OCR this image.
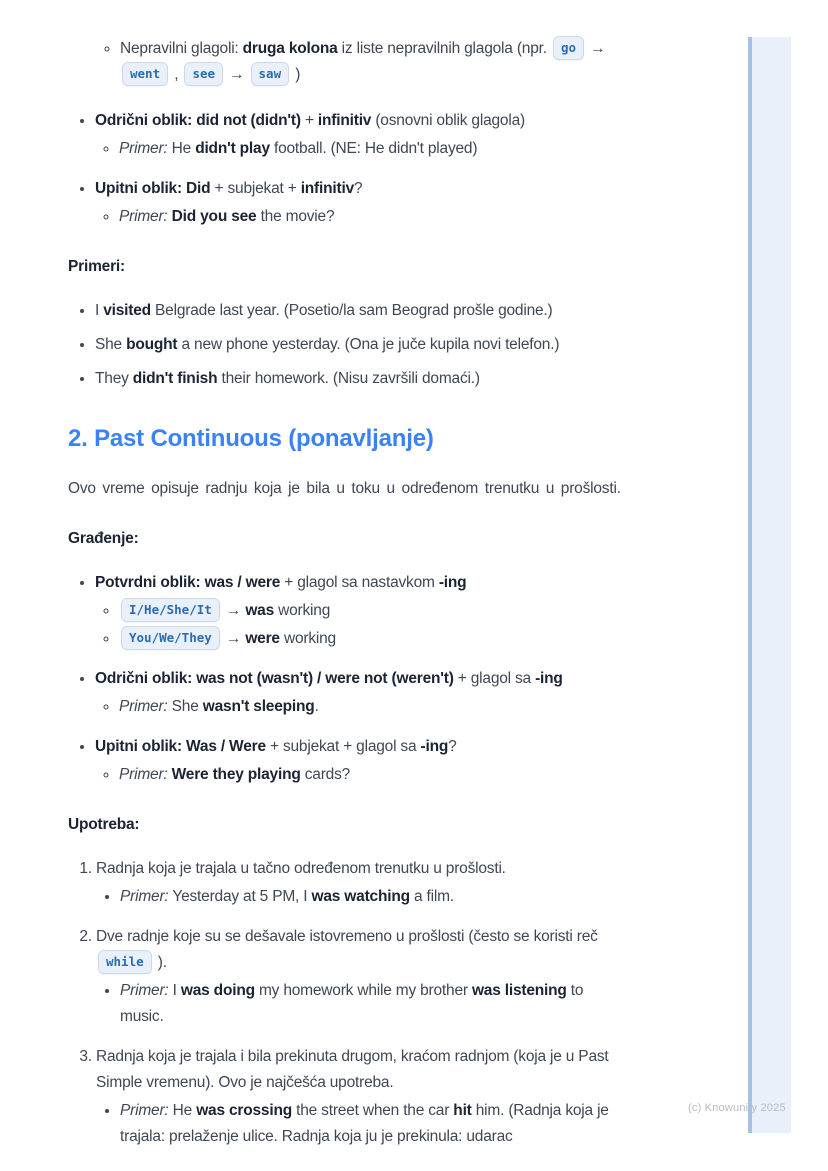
◦ Nepravilni glagoli: druga kolona iz liste nepravilnih glagola (npr. go → went , see → saw )
• Odrični oblik: did not (didn't) + infinitiv (osnovni oblik glagola)
◦ Primer: He didn't play football. (NE: He didn't played)
• Upitni oblik: Did + subjekat + infinitiv?
◦ Primer: Did you see the movie?

Primeri:

• I visited Belgrade last year. (Posetio/la sam Beograd prošle godine.)
• She bought a new phone yesterday. (Ona je juče kupila novi telefon.)
• They didn't finish their homework. (Nisu završili domaći.)
2. Past Continuous (ponavljanje)

Ovo vreme opisuje radnju koja je bila u toku u određenom trenutku u prošlosti.

Građenje:

• Potvrdni oblik: was / were + glagol sa nastavkom -ing
◦ I/He/She/It → was working
◦ You/We/They → were working
• Odrični oblik: was not (wasn't) / were not (weren't) + glagol sa -ing
◦ Primer: She wasn't sleeping.
• Upitni oblik: Was / Were + subjekat + glagol sa -ing?
◦ Primer: Were they playing cards?

Upotreba:

1. Radnja koja je trajala u tačno određenom trenutku u prošlosti.
• Primer: Yesterday at 5 PM, I was watching a film.
2. Dve radnje koje su se dešavale istovremeno u prošlosti (često se koristi reč while ).
• Primer: I was doing my homework while my brother was listening to music.
3. Radnja koja je trajala i bila prekinuta drugom, kraćom radnjom (koja je u Past Simple vremenu). Ovo je najčešća upotreba.
• Primer: He was crossing the street when the car hit him. (Radnja koja je trajala: prelaženje ulice. Radnja koja ju je prekinula: udarac
(c) Knowunity 2025
